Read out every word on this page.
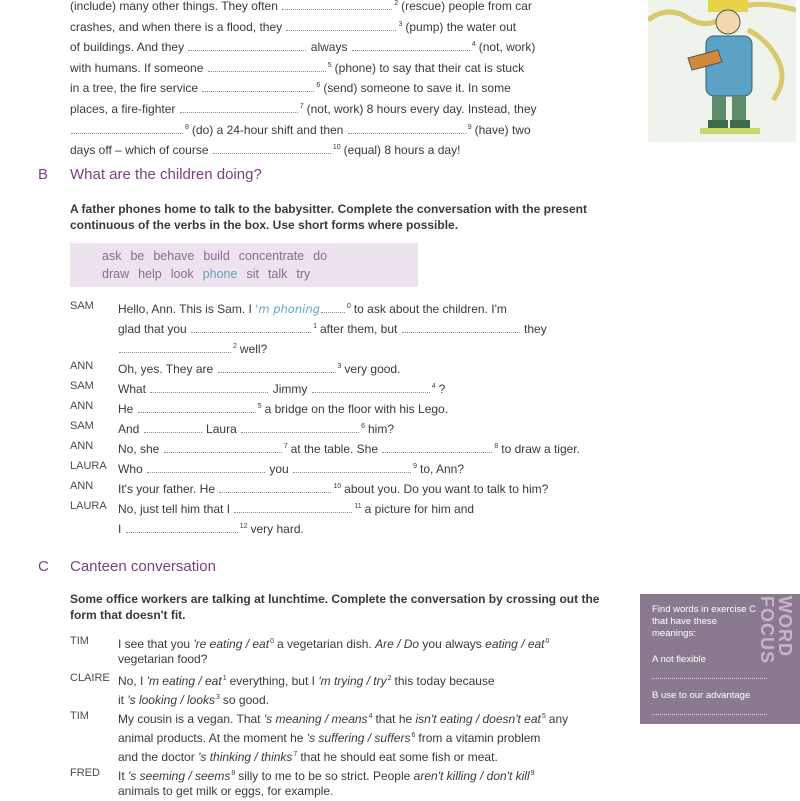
(include) many other things. They often	$^2$ (rescue) people from car
crashes, and when there is a flood, they	$^3$ (pump) the water out
of buildings. And they	always	$^4$ (not, work)
with humans. If someone	$^5$ (phone) to say that their cat is stuck
in a tree, the fire service	$^6$ (send) someone to save it. In some
places, a fire-fighter	$^7$ (not, work) 8 hours every day. Instead, they
$^8$ (do) a 24-hour shift and then	$^9$ (have) two
days off – which of course	$^{10}$ (equal) 8 hours a day!
B What are the children doing?
A father phones home to talk to the babysitter. Complete the conversation with the present continuous of the verbs in the box. Use short forms where possible.
ask be behave build concentrate do
draw help look phone sit talk try
SAM	Hello, Ann. This is Sam. I 'm phoning	$^0$ to ask about the children. I'm
glad that you	$^1$ after them, but	they
$^2$ well?
ANN	Oh, yes. They are	$^3$ very good.
SAM	What	Jimmy	$^4$ ?
ANN	He	$^5$ a bridge on the floor with his Lego.
SAM	And	Laura	$^6$ him?
ANN	No, she	$^7$ at the table. She	$^8$ to draw a tiger.
LAURA Who	you	$^9$ to, Ann?
ANN	It's your father. He	$^{10}$ about you. Do you want to talk to him?
LAURA No, just tell him that I	$^{11}$ a picture for him and
I	$^{12}$ very hard.
C Canteen conversation
Some office workers are talking at lunchtime. Complete the conversation by crossing out the form that doesn't fit.
TIM	I see that you 're eating / eat$^0$ a vegetarian dish. Are / Do you always eating / eat$^0$
vegetarian food?
CLAIRE No, I 'm eating / eat$^1$ everything, but I 'm trying / try$^2$ this today because
it 's looking / looks$^3$ so good.
TIM	My cousin is a vegan. That 's meaning / means$^4$ that he isn't eating / doesn't eat$^5$ any
animal products. At the moment he 's suffering / suffers$^6$ from a vitamin problem
and the doctor 's thinking / thinks$^7$ that he should eat some fish or meat.
FRED	It 's seeming / seems$^8$ silly to me to be so strict. People aren't killing / don't kill$^9$
animals to get milk or eggs, for example.
Find words in exercise C that have these meanings:	WORD FOCUS
A not flexible
B use to our advantage
